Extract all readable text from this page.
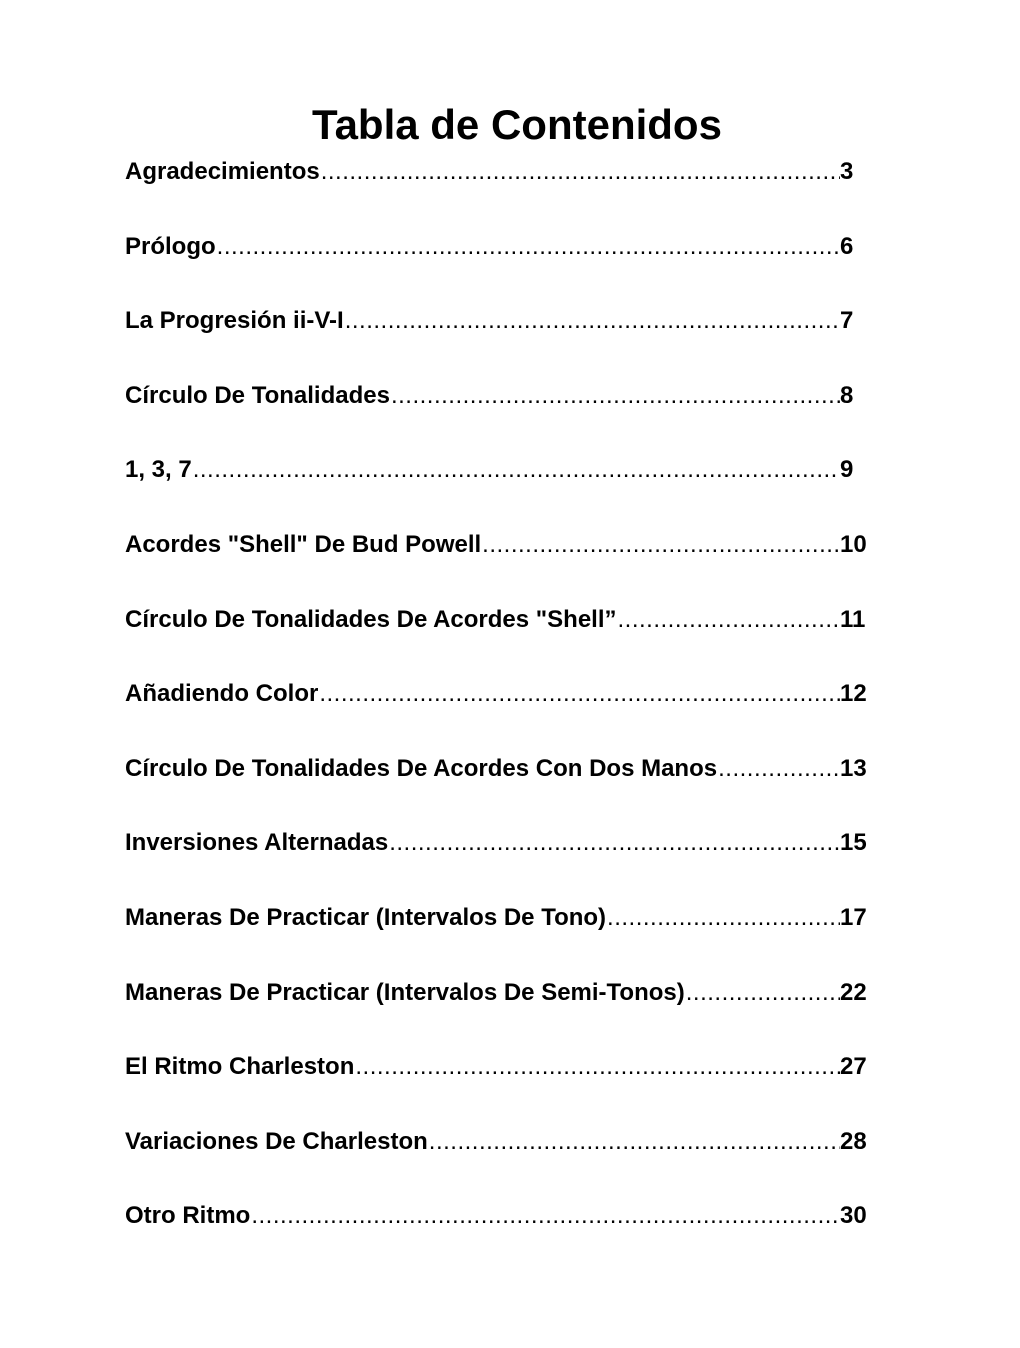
Tabla de Contenidos
Agradecimientos .....	3
Prólogo .....	6
La Progresión ii-V-I .....	7
Círculo De Tonalidades .....	8
1, 3, 7 .....	9
Acordes "Shell" De Bud Powell .....	10
Círculo De Tonalidades De Acordes "Shell” .....	11
Añadiendo Color .....	12
Círculo De Tonalidades De Acordes Con Dos Manos .....	13
Inversiones Alternadas .....	15
Maneras De Practicar (Intervalos De Tono) .....	17
Maneras De Practicar (Intervalos De Semi-Tonos) .....	22
El Ritmo Charleston .....	27
Variaciones De Charleston .....	28
Otro Ritmo .....	30
